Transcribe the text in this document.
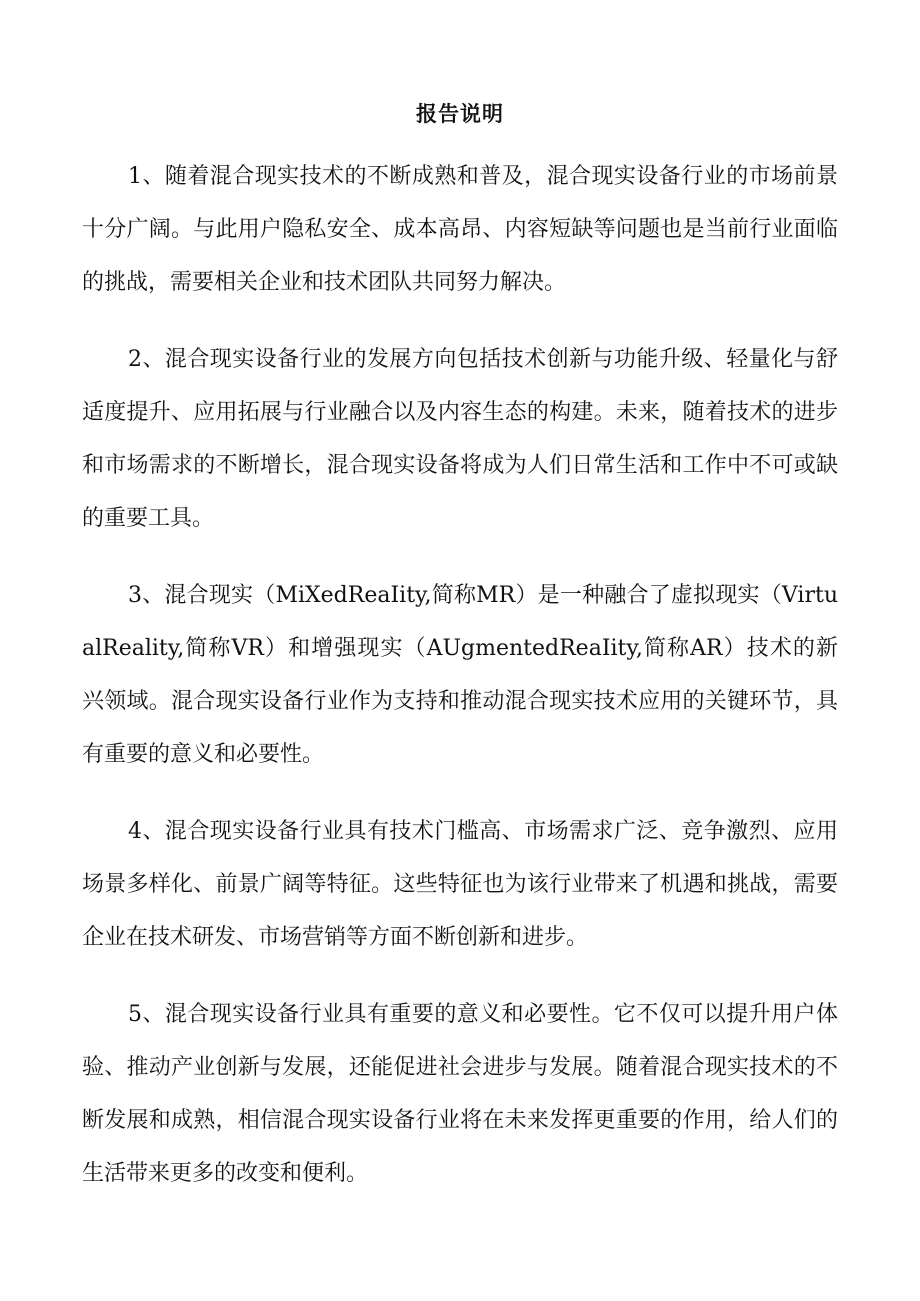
报告说明

1、随着混合现实技术的不断成熟和普及，混合现实设备行业的市场前景十分广阔。与此用户隐私安全、成本高昂、内容短缺等问题也是当前行业面临的挑战，需要相关企业和技术团队共同努力解决。

2、混合现实设备行业的发展方向包括技术创新与功能升级、轻量化与舒适度提升、应用拓展与行业融合以及内容生态的构建。未来，随着技术的进步和市场需求的不断增长，混合现实设备将成为人们日常生活和工作中不可或缺的重要工具。

3、混合现实（MiXedReaIity,简称MR）是一种融合了虚拟现实（VirtualReality,简称VR）和增强现实（AUgmentedReaIity,简称AR）技术的新兴领域。混合现实设备行业作为支持和推动混合现实技术应用的关键环节，具有重要的意义和必要性。

4、混合现实设备行业具有技术门槛高、市场需求广泛、竞争激烈、应用场景多样化、前景广阔等特征。这些特征也为该行业带来了机遇和挑战，需要企业在技术研发、市场营销等方面不断创新和进步。

5、混合现实设备行业具有重要的意义和必要性。它不仅可以提升用户体验、推动产业创新与发展，还能促进社会进步与发展。随着混合现实技术的不断发展和成熟，相信混合现实设备行业将在未来发挥更重要的作用，给人们的生活带来更多的改变和便利。
